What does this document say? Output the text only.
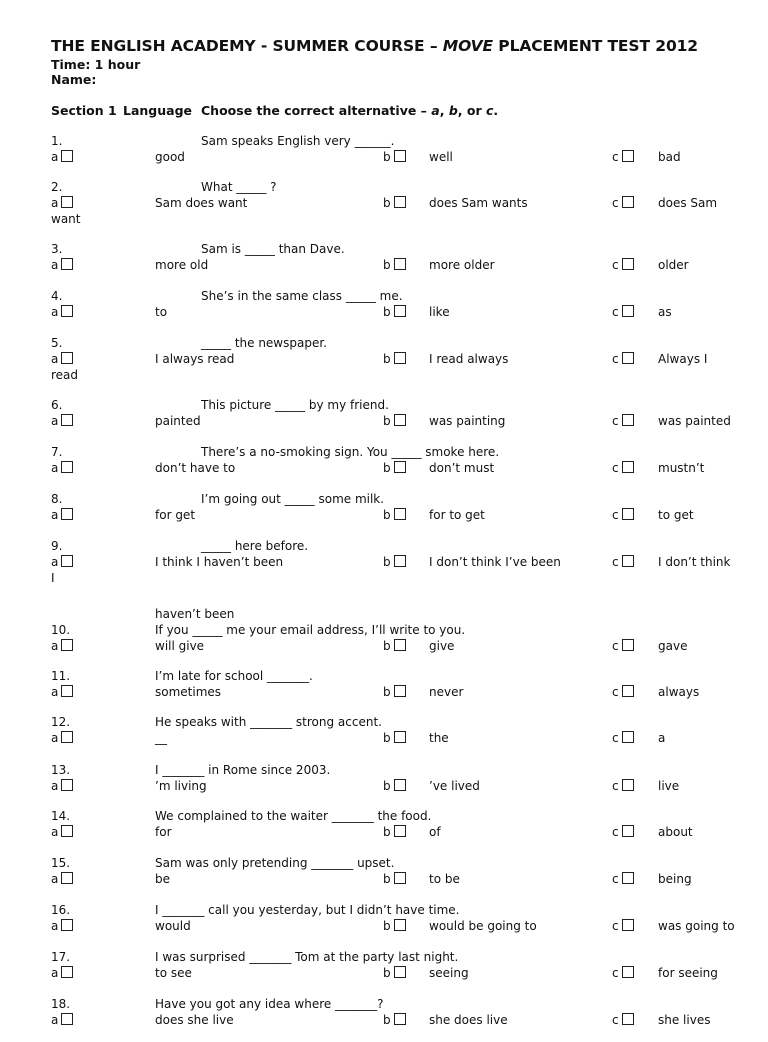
THE ENGLISH ACADEMY - SUMMER COURSE – MOVE PLACEMENT TEST 2012
Time: 1 hour
Name:
Section 1 Language Choose the correct alternative – a, b, or c.
1.	Sam speaks English very ______.
a	good	b	well	c	bad
2.	What _____ ?
a	Sam does want	b	does Sam wants	c	does Sam
want
3.	Sam is _____ than Dave.
a	more old	b	more older	c	older
4.	She’s in the same class _____ me.
a	to	b	like	c	as
5.	_____ the newspaper.
a	I always read	b	I read always	c	Always I
read
6.	This picture _____ by my friend.
a	painted	b	was painting	c	was painted
7.	There’s a no-smoking sign. You _____ smoke here.
a	don’t have to	b	don’t must	c	mustn’t
8.	I’m going out _____ some milk.
a	for get	b	for to get	c	to get
9.	_____ here before.
a	I think I haven’t been	b	I don’t think I’ve been	c	I don’t think
I
haven’t been
10.	If you _____ me your email address, I’ll write to you.
a	will give	b	give	c	gave
11.	I’m late for school _______.
a	sometimes	b	never	c	always
12.	He speaks with _______ strong accent.
a	__	b	the	c	a
13.	I _______ in Rome since 2003.
a	’m living	b	’ve lived	c	live
14.	We complained to the waiter _______ the food.
a	for	b	of	c	about
15.	Sam was only pretending _______ upset.
a	be	b	to be	c	being
16.	I _______ call you yesterday, but I didn’t have time.
a	would	b	would be going to	c	was going to
17.	I was surprised _______ Tom at the party last night.
a	to see	b	seeing	c	for seeing
18.	Have you got any idea where _______?
a	does she live	b	she does live	c	she lives
